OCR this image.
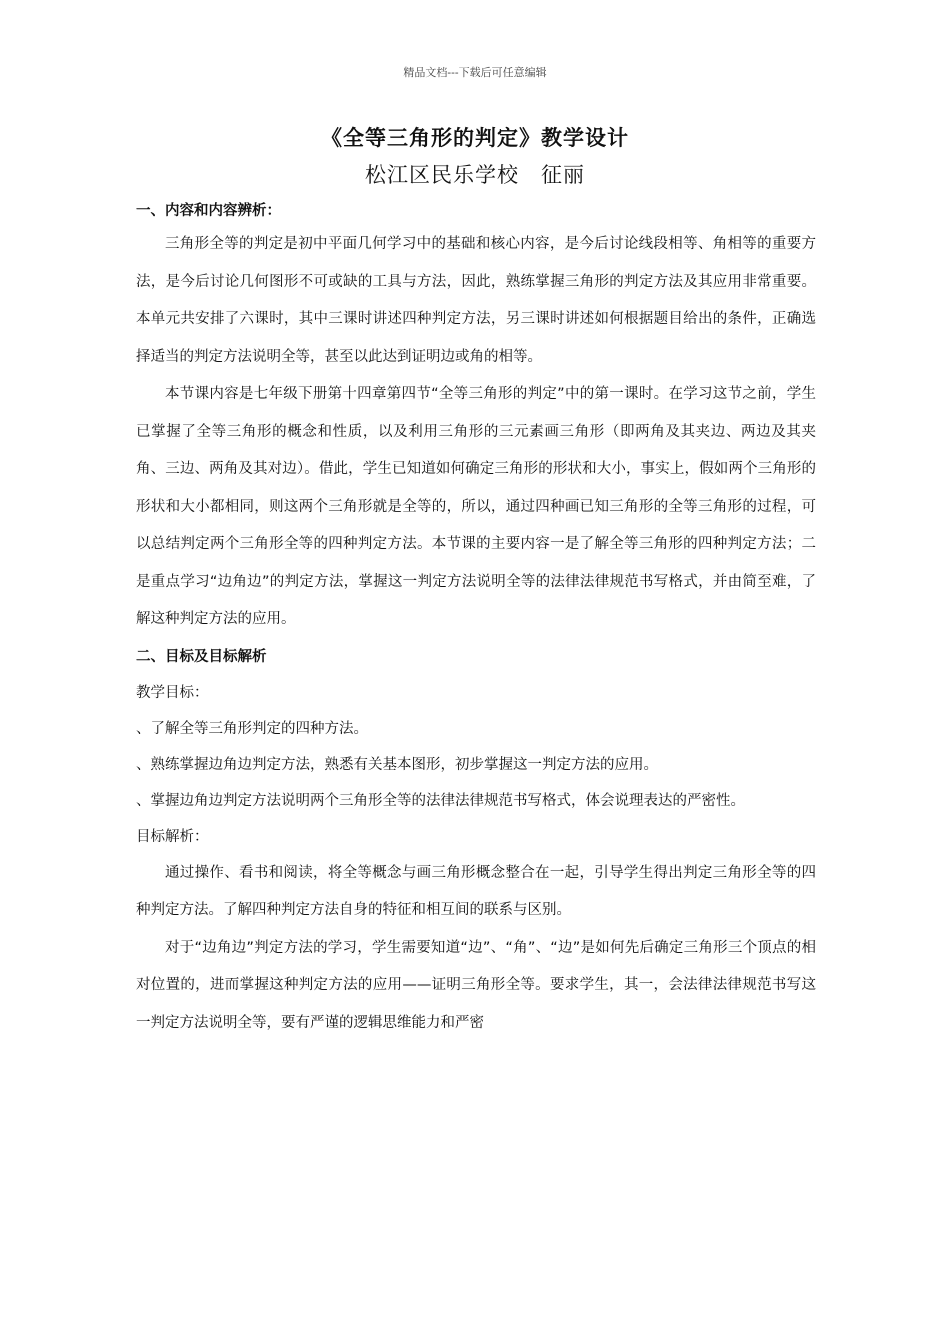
精品文档---下载后可任意编辑
《全等三角形的判定》教学设计
松江区民乐学校　征丽

一、内容和内容辨析：

三角形全等的判定是初中平面几何学习中的基础和核心内容，是今后讨论线段相等、角相等的重要方法，是今后讨论几何图形不可或缺的工具与方法，因此，熟练掌握三角形的判定方法及其应用非常重要。本单元共安排了六课时，其中三课时讲述四种判定方法，另三课时讲述如何根据题目给出的条件，正确选择适当的判定方法说明全等，甚至以此达到证明边或角的相等。

本节课内容是七年级下册第十四章第四节“全等三角形的判定”中的第一课时。在学习这节之前，学生已掌握了全等三角形的概念和性质，以及利用三角形的三元素画三角形（即两角及其夹边、两边及其夹角、三边、两角及其对边）。借此，学生已知道如何确定三角形的形状和大小，事实上，假如两个三角形的形状和大小都相同，则这两个三角形就是全等的，所以，通过四种画已知三角形的全等三角形的过程，可以总结判定两个三角形全等的四种判定方法。本节课的主要内容一是了解全等三角形的四种判定方法；二是重点学习“边角边”的判定方法，掌握这一判定方法说明全等的法律法律规范书写格式，并由简至难，了解这种判定方法的应用。

二、目标及目标解析

教学目标：

、了解全等三角形判定的四种方法。

、熟练掌握边角边判定方法，熟悉有关基本图形，初步掌握这一判定方法的应用。

、掌握边角边判定方法说明两个三角形全等的法律法律规范书写格式，体会说理表达的严密性。

目标解析：

通过操作、看书和阅读，将全等概念与画三角形概念整合在一起，引导学生得出判定三角形全等的四种判定方法。了解四种判定方法自身的特征和相互间的联系与区别。

对于“边角边”判定方法的学习，学生需要知道“边”、“角”、“边”是如何先后确定三角形三个顶点的相对位置的，进而掌握这种判定方法的应用——证明三角形全等。要求学生，其一，会法律法律规范书写这一判定方法说明全等，要有严谨的逻辑思维能力和严密
